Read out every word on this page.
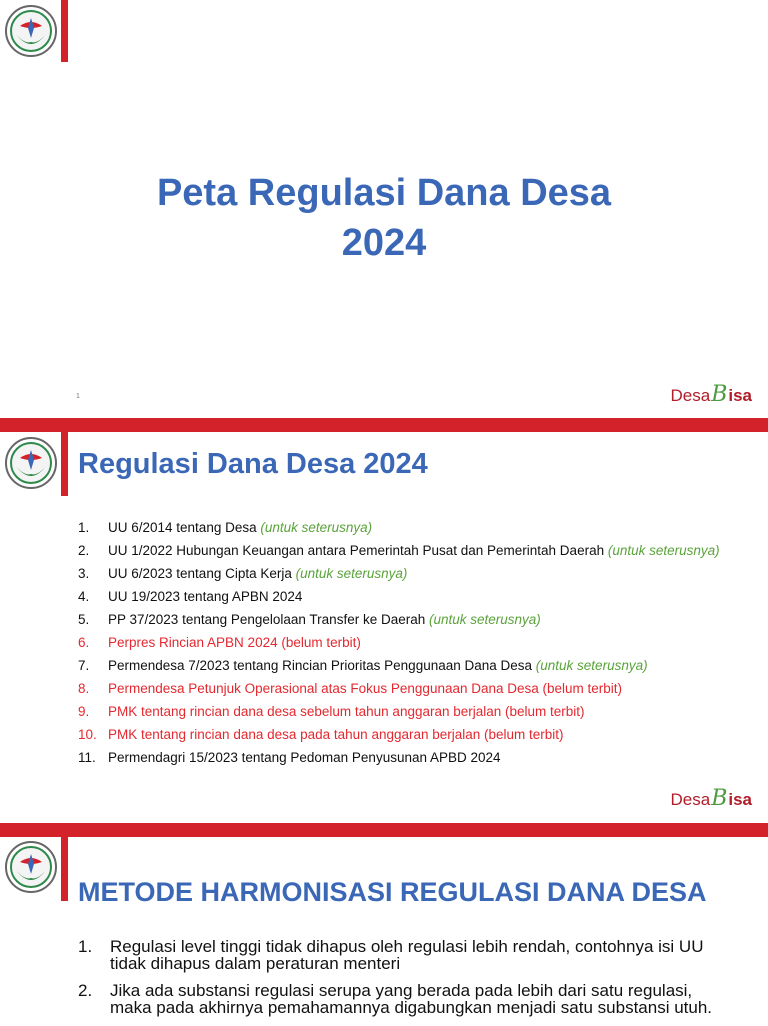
Peta Regulasi Dana Desa
2024
1	Desa B isa
Regulasi Dana Desa 2024
1.	UU 6/2014 tentang Desa (untuk seterusnya)
2.	UU 1/2022 Hubungan Keuangan antara Pemerintah Pusat dan Pemerintah Daerah (untuk seterusnya)
3.	UU 6/2023 tentang Cipta Kerja (untuk seterusnya)
4.	UU 19/2023 tentang APBN 2024
5.	PP 37/2023 tentang Pengelolaan Transfer ke Daerah (untuk seterusnya)
6.	Perpres Rincian APBN 2024 (belum terbit)
7.	Permendesa 7/2023 tentang Rincian Prioritas Penggunaan Dana Desa (untuk seterusnya)
8.	Permendesa Petunjuk Operasional atas Fokus Penggunaan Dana Desa (belum terbit)
9.	PMK tentang rincian dana desa sebelum tahun anggaran berjalan (belum terbit)
10. PMK tentang rincian dana desa pada tahun anggaran berjalan (belum terbit)
11. Permendagri 15/2023 tentang Pedoman Penyusunan APBD 2024
Desa B isa
METODE HARMONISASI REGULASI DANA DESA
1.	Regulasi level tinggi tidak dihapus oleh regulasi lebih rendah, contohnya isi UU tidak dihapus dalam peraturan menteri
2.	Jika ada substansi regulasi serupa yang berada pada lebih dari satu regulasi, maka pada akhirnya pemahamannya digabungkan menjadi satu substansi utuh.
